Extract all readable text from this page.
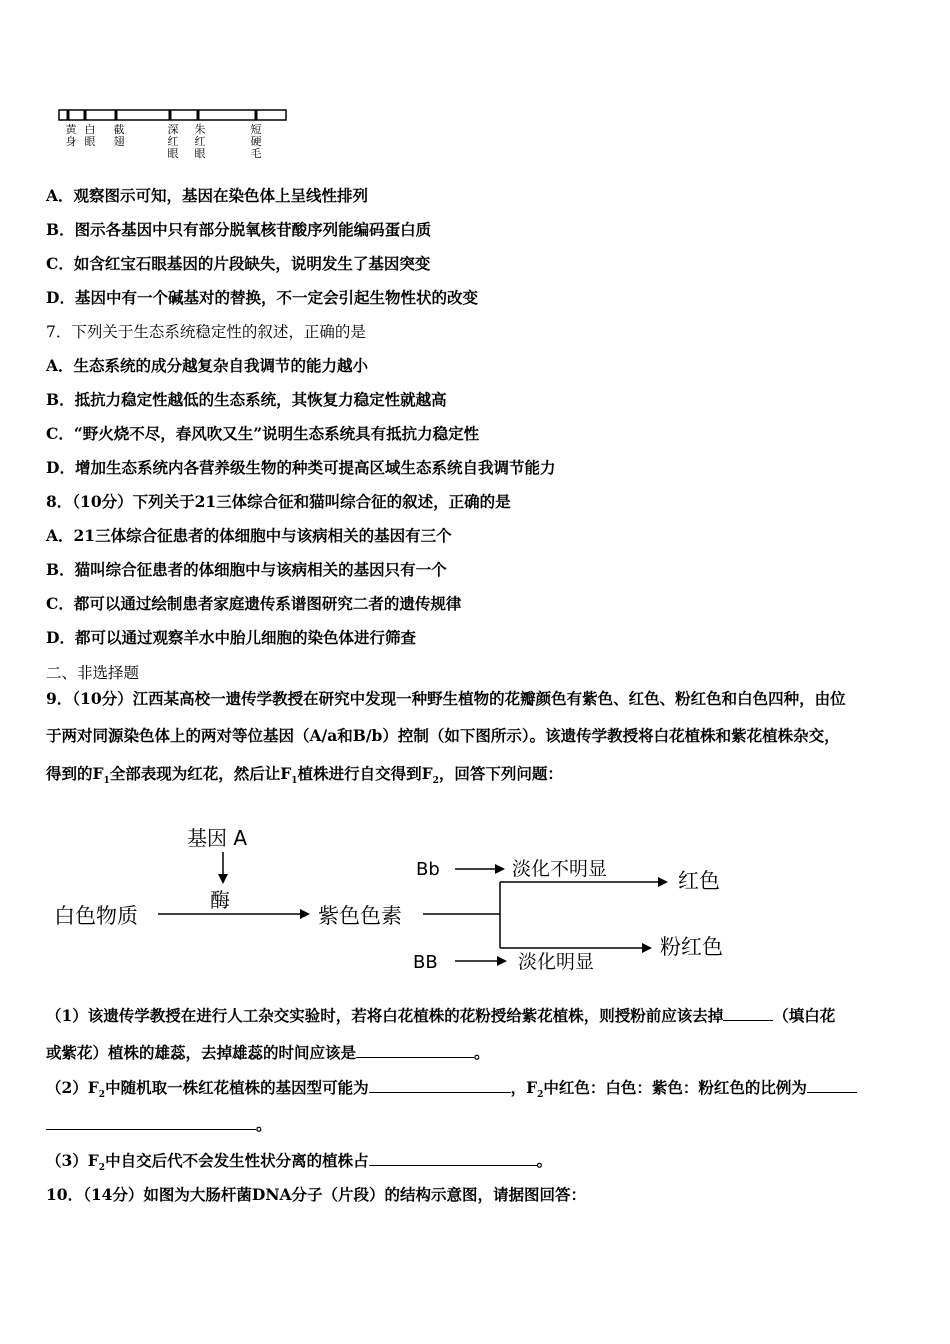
黄
身
白
眼
截
翅
深
红
眼
朱
红
眼
短
硬
毛
A．观察图示可知，基因在染色体上呈线性排列
B．图示各基因中只有部分脱氧核苷酸序列能编码蛋白质
C．如含红宝石眼基因的片段缺失，说明发生了基因突变
D．基因中有一个碱基对的替换，不一定会引起生物性状的改变
7．下列关于生态系统稳定性的叙述，正确的是
A．生态系统的成分越复杂自我调节的能力越小
B．抵抗力稳定性越低的生态系统，其恢复力稳定性就越高
C．“野火烧不尽，春风吹又生”说明生态系统具有抵抗力稳定性
D．增加生态系统内各营养级生物的种类可提高区域生态系统自我调节能力
8．（10分）下列关于21三体综合征和猫叫综合征的叙述，正确的是
A．21三体综合征患者的体细胞中与该病相关的基因有三个
B．猫叫综合征患者的体细胞中与该病相关的基因只有一个
C．都可以通过绘制患者家庭遗传系谱图研究二者的遗传规律
D．都可以通过观察羊水中胎儿细胞的染色体进行筛查
二、非选择题
9．（10分）江西某高校一遗传学教授在研究中发现一种野生植物的花瓣颜色有紫色、红色、粉红色和白色四种，由位
于两对同源染色体上的两对等位基因（A/a和B/b）控制（如下图所示）。该遗传学教授将白花植株和紫花植株杂交，
得到的$F_1$全部表现为红花，然后让$F_1$植株进行自交得到$F_2$，回答下列问题：
基因 A
酶
白色物质	紫色色素
Bb	淡化不明显	红色
BB	淡化明显
粉红色
（1）该遗传学教授在进行人工杂交实验时，若将白花植株的花粉授给紫花植株，则授粉前应该去掉	（填白花
或紫花）植株的雄蕊，去掉雄蕊的时间应该是	。
$(2)F_2$中随机取一株红花植株的基因型可能为	，$F_2$中红色：白色：紫色：粉红色的比例为
。
$(3)F_2$中自交后代不会发生性状分离的植株占	。
10．（14分）如图为大肠杆菌DNA分子（片段）的结构示意图，请据图回答：
